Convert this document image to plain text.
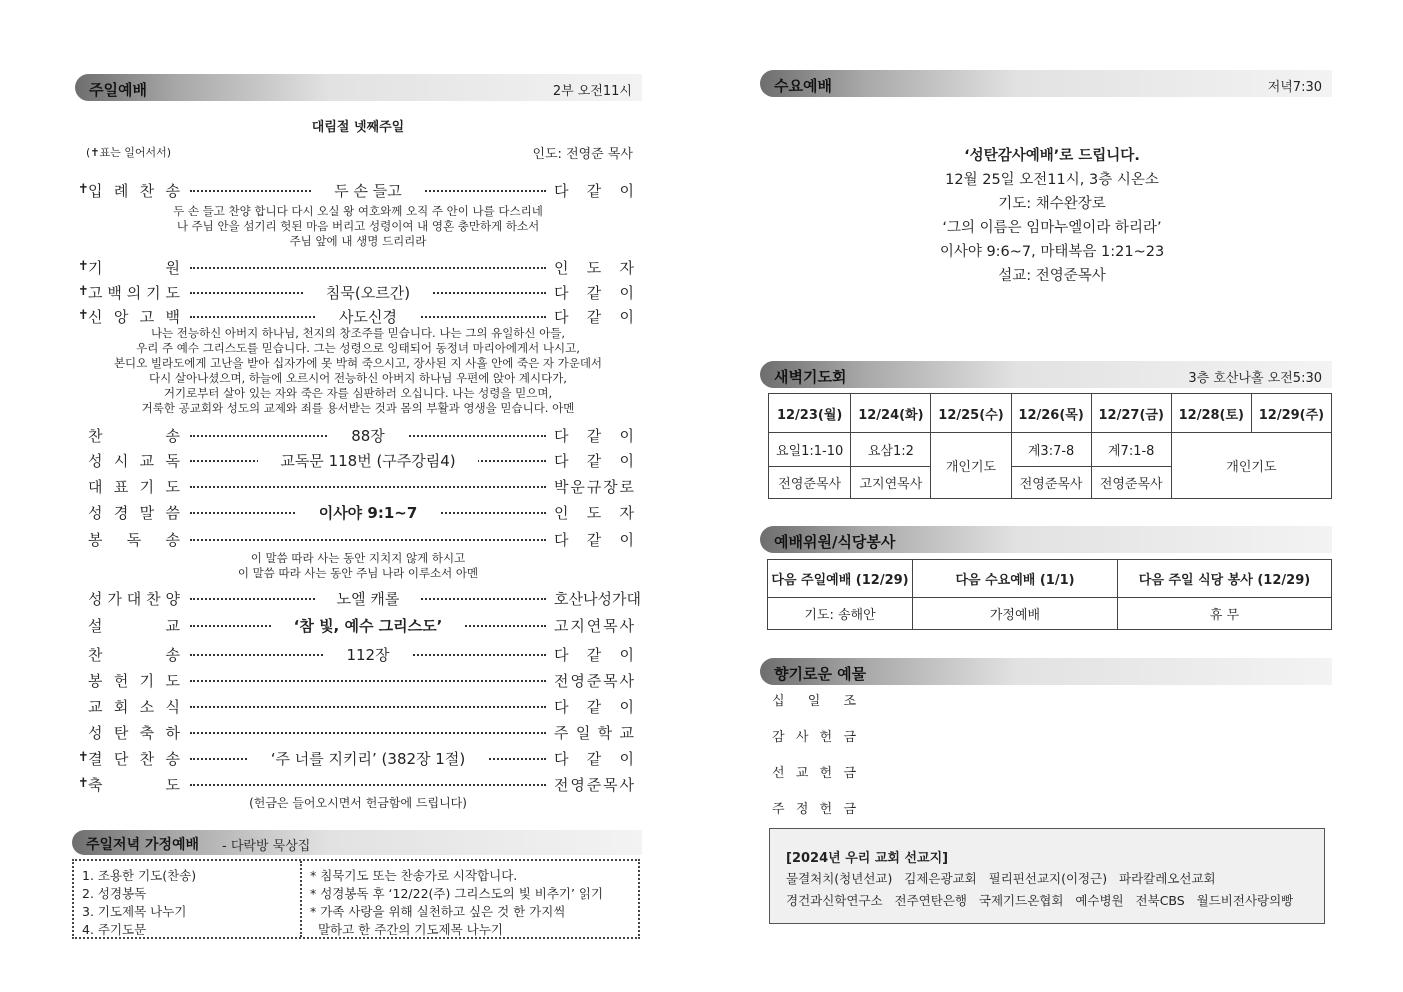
주일예배	2부 오전11시
대림절 넷째주일
(✝표는 일어서서)	인도: 전영준 목사
✝ 입 례 찬 송	두 손 들고	다 같 이
✝ 기	원	인 도 자
✝ 고 백 의 기 도	침묵(오르간)	다 같 이
✝ 신 앙 고 백	사도신경	다 같 이
찬	송	88장	다 같 이
성 시 교 독	교독문 118번 (구주강림4)	다 같 이
대 표 기 도	박 운 규 장 로
성 경 말 씀	이사야 9:1~7	인 도 자
봉 독 송	다 같 이
성 가 대 찬 양	노엘 캐롤	호 산 나 성 가 대
설	교	‘참 빛, 예수 그리스도’	고 지 연 목 사
찬	송	112장	다 같 이
봉 헌 기 도	전 영 준 목 사
교 회 소 식	다 같 이
성 탄 축 하	주 일 학 교
✝ 결 단 찬 송	‘주 너를 지키리’ (382장 1절)	다 같 이
✝ 축	도	전 영 준 목 사
두 손 들고 찬양 합니다 다시 오실 왕 여호와께 오직 주 안이 나를 다스리네
나 주님 안을 섬기리 헛된 마음 버리고 성령이여 내 영혼 충만하게 하소서
주님 앞에 내 생명 드리리라
나는 전능하신 아버지 하나님, 천지의 창조주를 믿습니다. 나는 그의 유일하신 아들,
우리 주 예수 그리스도를 믿습니다. 그는 성령으로 잉태되어 동정녀 마리아에게서 나시고,
본디오 빌라도에게 고난을 받아 십자가에 못 박혀 죽으시고, 장사된 지 사흘 안에 죽은 자 가운데서
다시 살아나셨으며, 하늘에 오르시어 전능하신 아버지 하나님 우편에 앉아 계시다가,
거기로부터 살아 있는 자와 죽은 자를 심판하러 오십니다. 나는 성령을 믿으며,
거룩한 공교회와 성도의 교제와 죄를 용서받는 것과 몸의 부활과 영생을 믿습니다. 아멘
이 말씀 따라 사는 동안 지치지 않게 하시고
이 말씀 따라 사는 동안 주님 나라 이루소서 아멘
(헌금은 들어오시면서 헌금함에 드립니다)
주일저녁 가정예배 - 다락방 묵상집
1. 조용한 기도(찬송)
2. 성경봉독
3. 기도제목 나누기
4. 주기도문
* 침묵기도 또는 찬송가로 시작합니다.
* 성경봉독 후 ‘12/22(주) 그리스도의 빛 비추기’ 읽기
* 가족 사랑을 위해 실천하고 싶은 것 한 가지씩
말하고 한 주간의 기도제목 나누기
수요예배	저녁7:30
‘성탄감사예배’로 드립니다.
12월 25일 오전11시, 3층 시온소
기도: 채수완장로
‘그의 이름은 임마누엘이라 하리라’
이사야 9:6~7, 마태복음 1:21~23
설교: 전영준목사
새벽기도회	3층 호산나홀 오전5:30
12/23(월)	12/24(화)	12/25(수)	12/26(목)	12/27(금)	12/28(토)	12/29(주)
요일1:1-10	요삼1:2	개인기도	계3:7-8	계7:1-8	개인기도	
전영준목사	고지연목사		전영준목사	전영준목사		
예배위원/식당봉사
다음 주일예배 (12/29)	다음 수요예배 (1/1)	다음 주일 식당 봉사 (12/29)
기도: 송해안	가정예배	휴 무
향기로운 예물
십 일 조
감 사 헌 금
선 교 헌 금
주 정 헌 금
[2024년 우리 교회 선교지]
물결처치(청년선교)   김제은광교회   필리핀선교지(이정근)   파라칼레오선교회
경건과신학연구소   전주연탄은행   국제기드온협회   예수병원   전북CBS   월드비전사랑의빵
